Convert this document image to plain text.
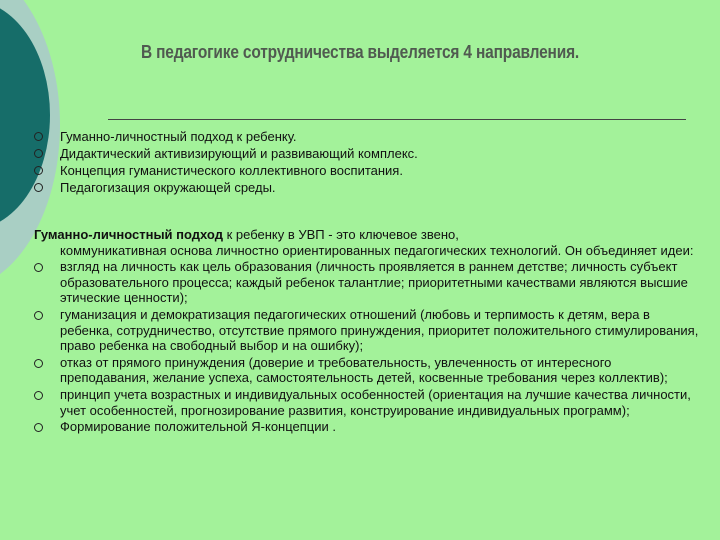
В педагогике сотрудничества выделяется 4 направления.
Гуманно-личностный подход к ребенку.
Дидактический активизирующий и развивающий комплекс.
Концепция гуманистического коллективного воспитания.
Педагогизация окружающей среды.
Гуманно-личностный подход к ребенку в УВП - это ключевое звено,
коммуникативная основа личностно ориентированных педагогических технологий. Он объединяет идеи:
взгляд на личность как цель образования (личность проявляется в раннем детстве; личность субъект образовательного процесса; каждый ребенок талантлие; приоритетными качествами являются высшие этические ценности);
гуманизация и демократизация педагогических отношений (любовь и терпимость к детям, вера в ребенка, сотрудничество, отсутствие прямого принуждения, приоритет положительного стимулирования, право ребенка на свободный выбор и на ошибку);
отказ от прямого принуждения (доверие и требовательность, увлеченность от интересного преподавания, желание успеха, самостоятельность детей, косвенные требования через коллектив);
принцип учета возрастных и индивидуальных особенностей (ориентация на лучшие качества личности, учет особенностей, прогнозирование развития, конструирование индивидуальных программ);
Формирование положительной Я-концепции .
